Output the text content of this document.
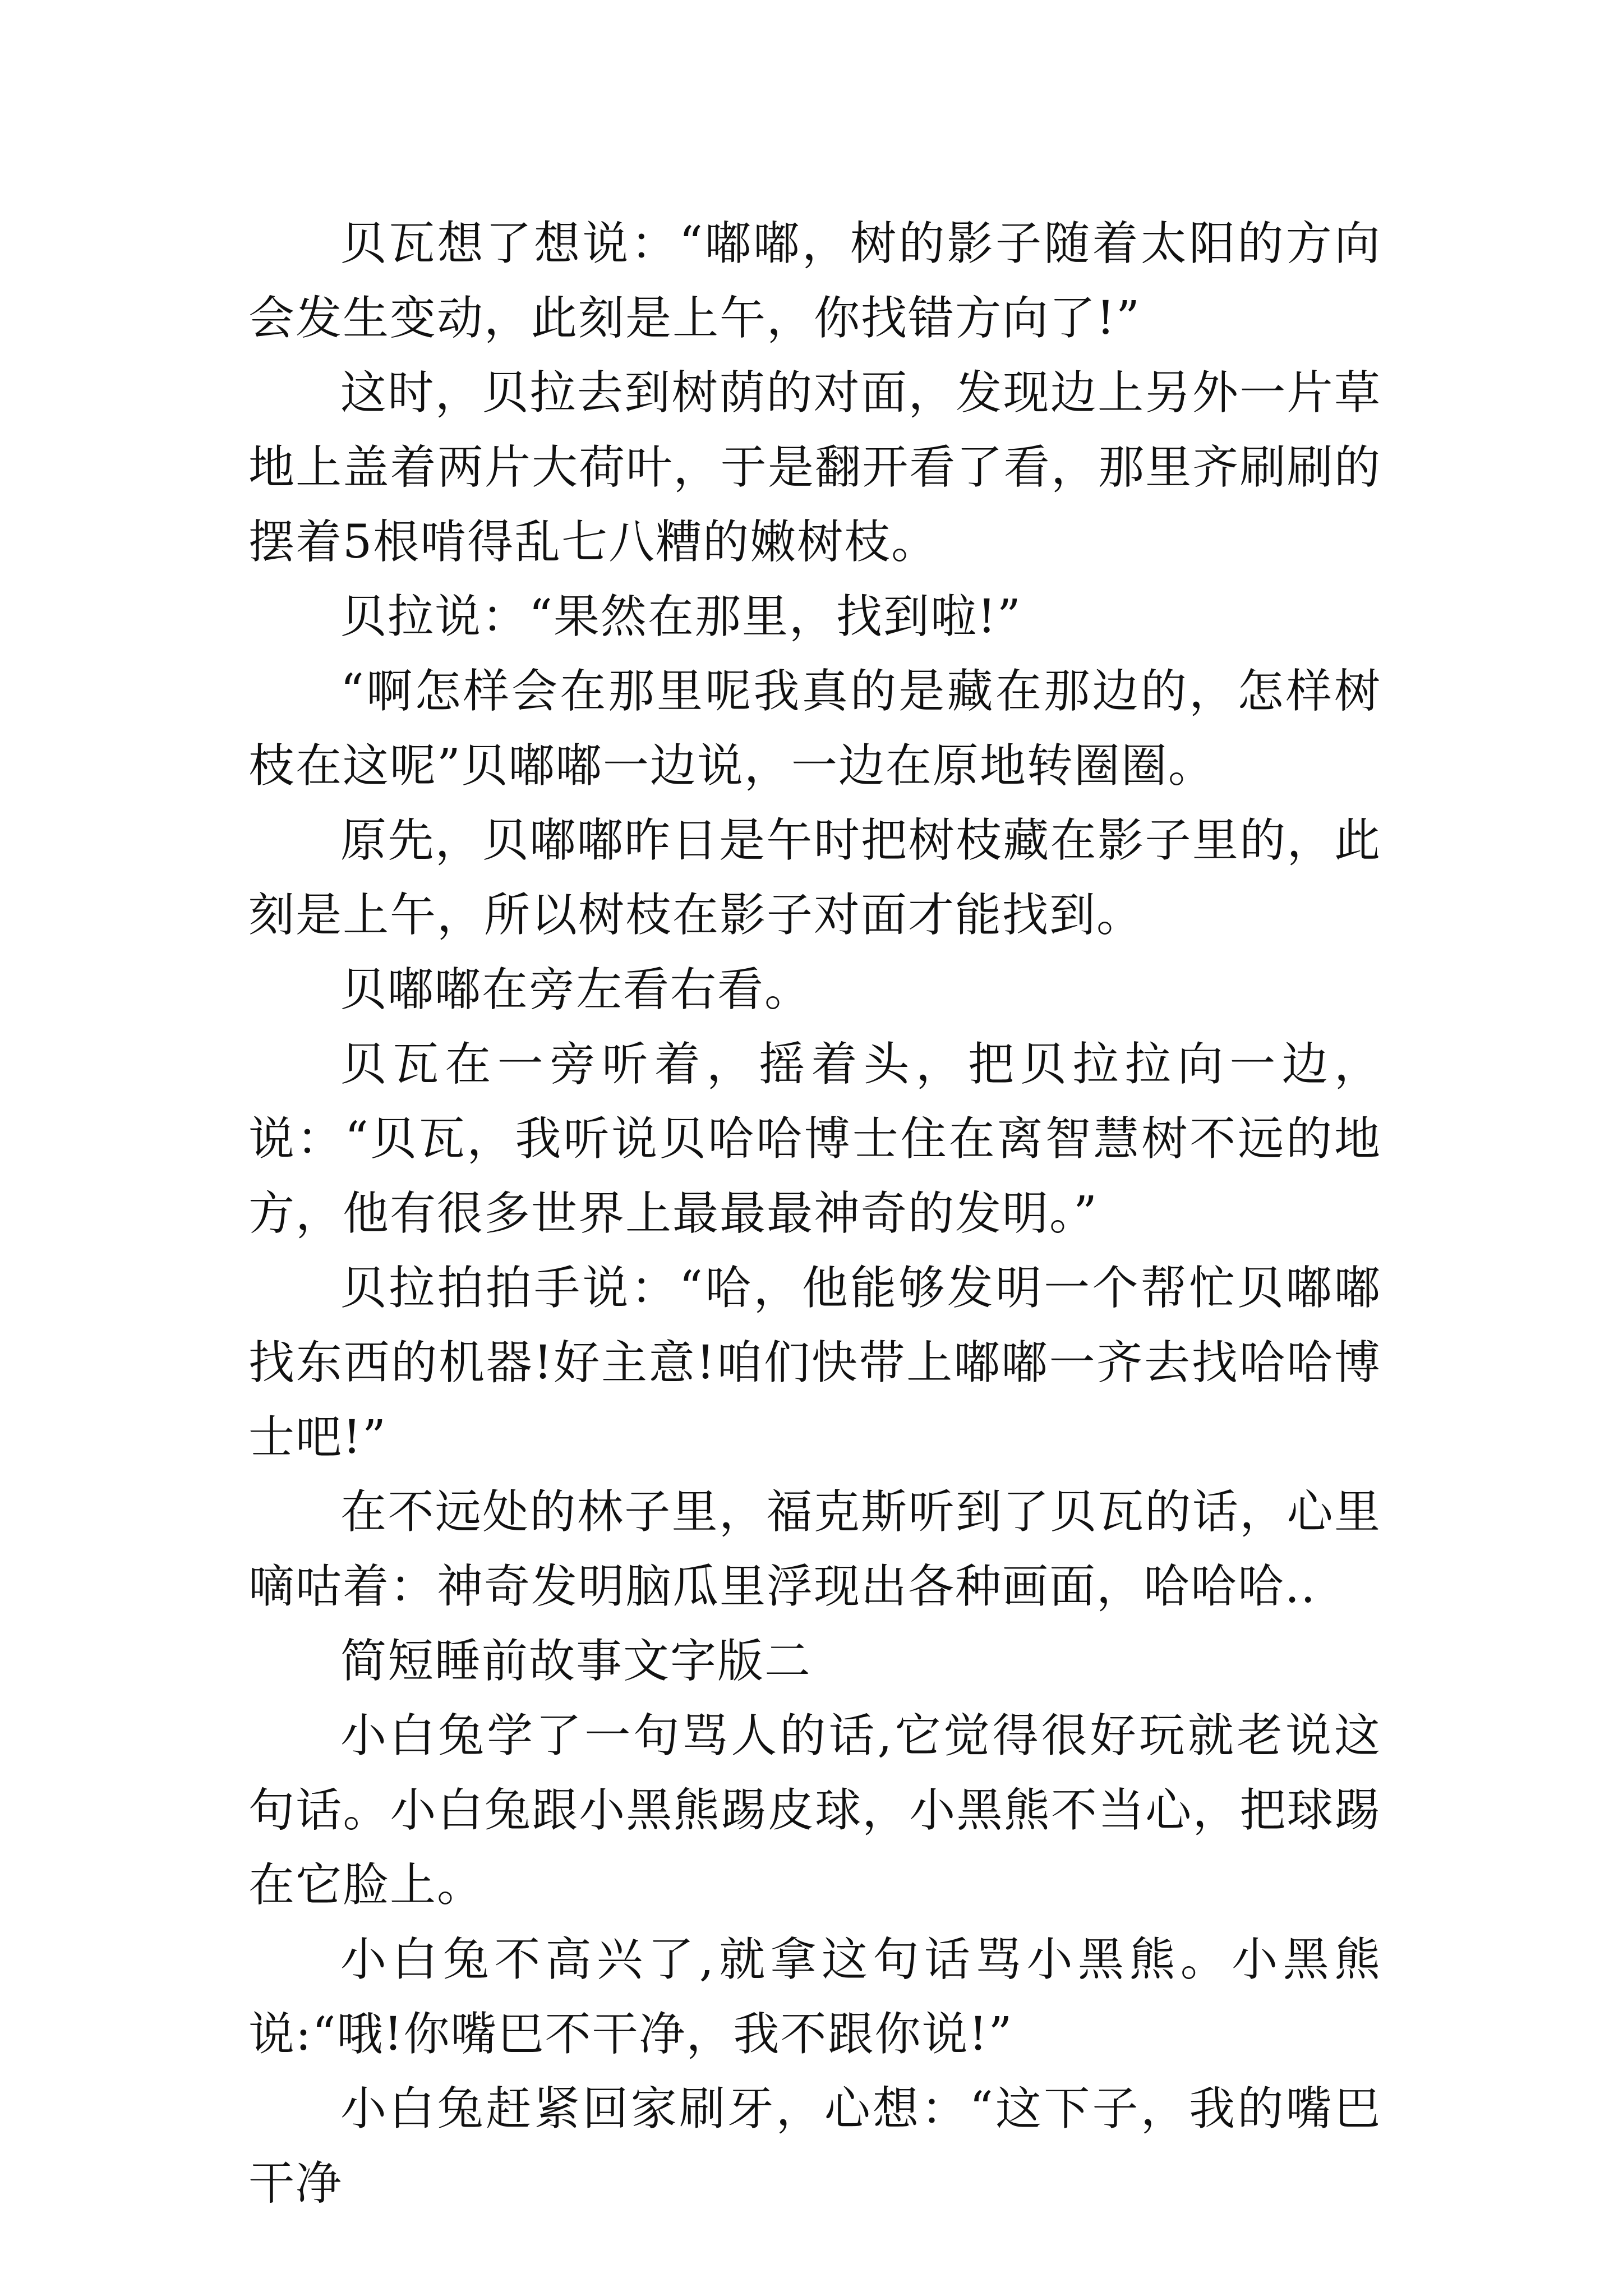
贝瓦想了想说：“嘟嘟，树的影子随着太阳的方向会发生变动，此刻是上午，你找错方向了!”

这时，贝拉去到树荫的对面，发现边上另外一片草地上盖着两片大荷叶，于是翻开看了看，那里齐刷刷的摆着5根啃得乱七八糟的嫩树枝。

贝拉说：“果然在那里，找到啦!”

“啊怎样会在那里呢我真的是藏在那边的，怎样树枝在这呢”贝嘟嘟一边说，一边在原地转圈圈。

原先，贝嘟嘟昨日是午时把树枝藏在影子里的，此刻是上午，所以树枝在影子对面才能找到。

贝嘟嘟在旁左看右看。

贝瓦在一旁听着，摇着头，把贝拉拉向一边，说：“贝瓦，我听说贝哈哈博士住在离智慧树不远的地方，他有很多世界上最最最神奇的发明。”

贝拉拍拍手说：“哈，他能够发明一个帮忙贝嘟嘟找东西的机器!好主意!咱们快带上嘟嘟一齐去找哈哈博士吧!”

在不远处的林子里，福克斯听到了贝瓦的话，心里嘀咕着：神奇发明脑瓜里浮现出各种画面，哈哈哈..

简短睡前故事文字版二

小白兔学了一句骂人的话,它觉得很好玩就老说这句话。小白兔跟小黑熊踢皮球，小黑熊不当心，把球踢在它脸上。

小白兔不高兴了,就拿这句话骂小黑熊。小黑熊说:“哦!你嘴巴不干净，我不跟你说!”

小白兔赶紧回家刷牙，心想：“这下子，我的嘴巴干净
